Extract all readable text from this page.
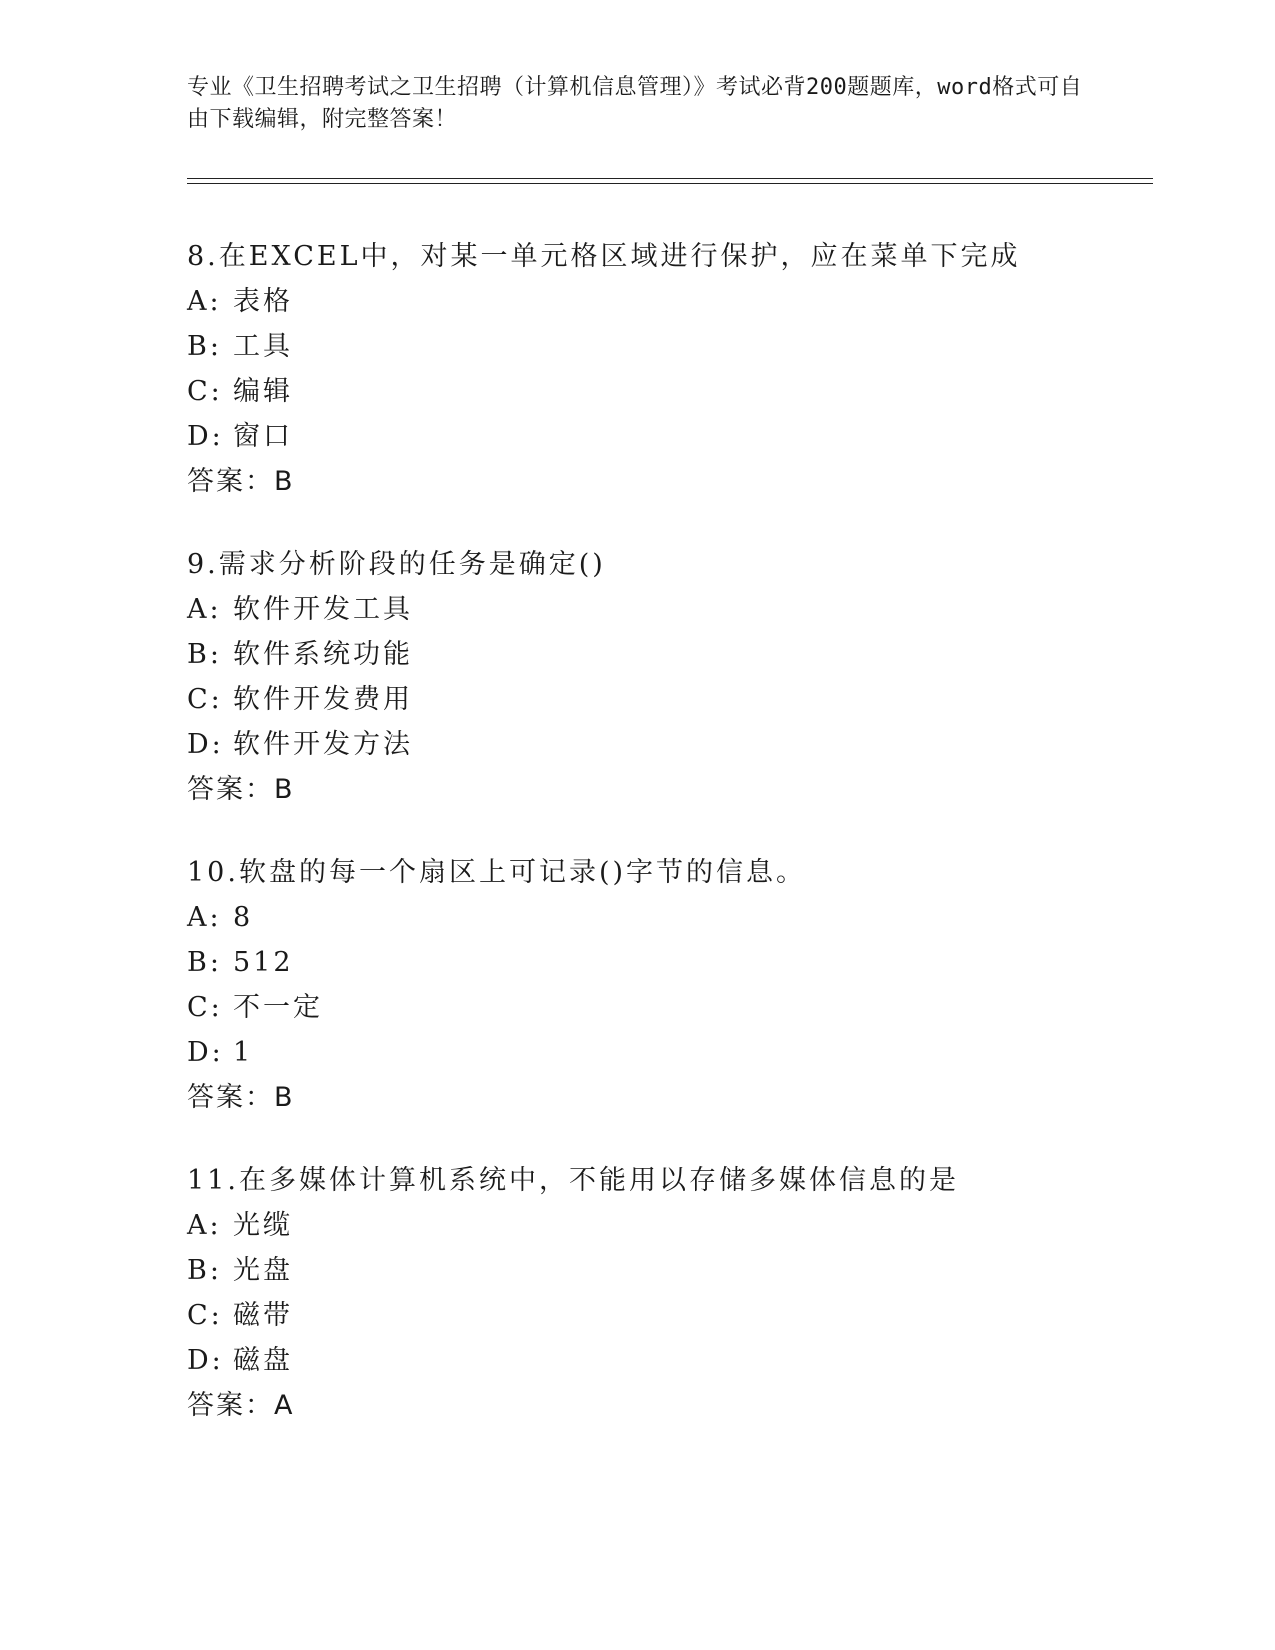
专业《卫生招聘考试之卫生招聘（计算机信息管理）》考试必背200题题库，word格式可自由下载编辑，附完整答案！
8.在EXCEL中，对某一单元格区域进行保护，应在菜单下完成
A: 表格
B: 工具
C: 编辑
D: 窗口
答案：B
9.需求分析阶段的任务是确定()
A: 软件开发工具
B: 软件系统功能
C: 软件开发费用
D: 软件开发方法
答案：B
10.软盘的每一个扇区上可记录()字节的信息。
A: 8
B: 512
C: 不一定
D: 1
答案：B
11.在多媒体计算机系统中，不能用以存储多媒体信息的是
A: 光缆
B: 光盘
C: 磁带
D: 磁盘
答案：A
